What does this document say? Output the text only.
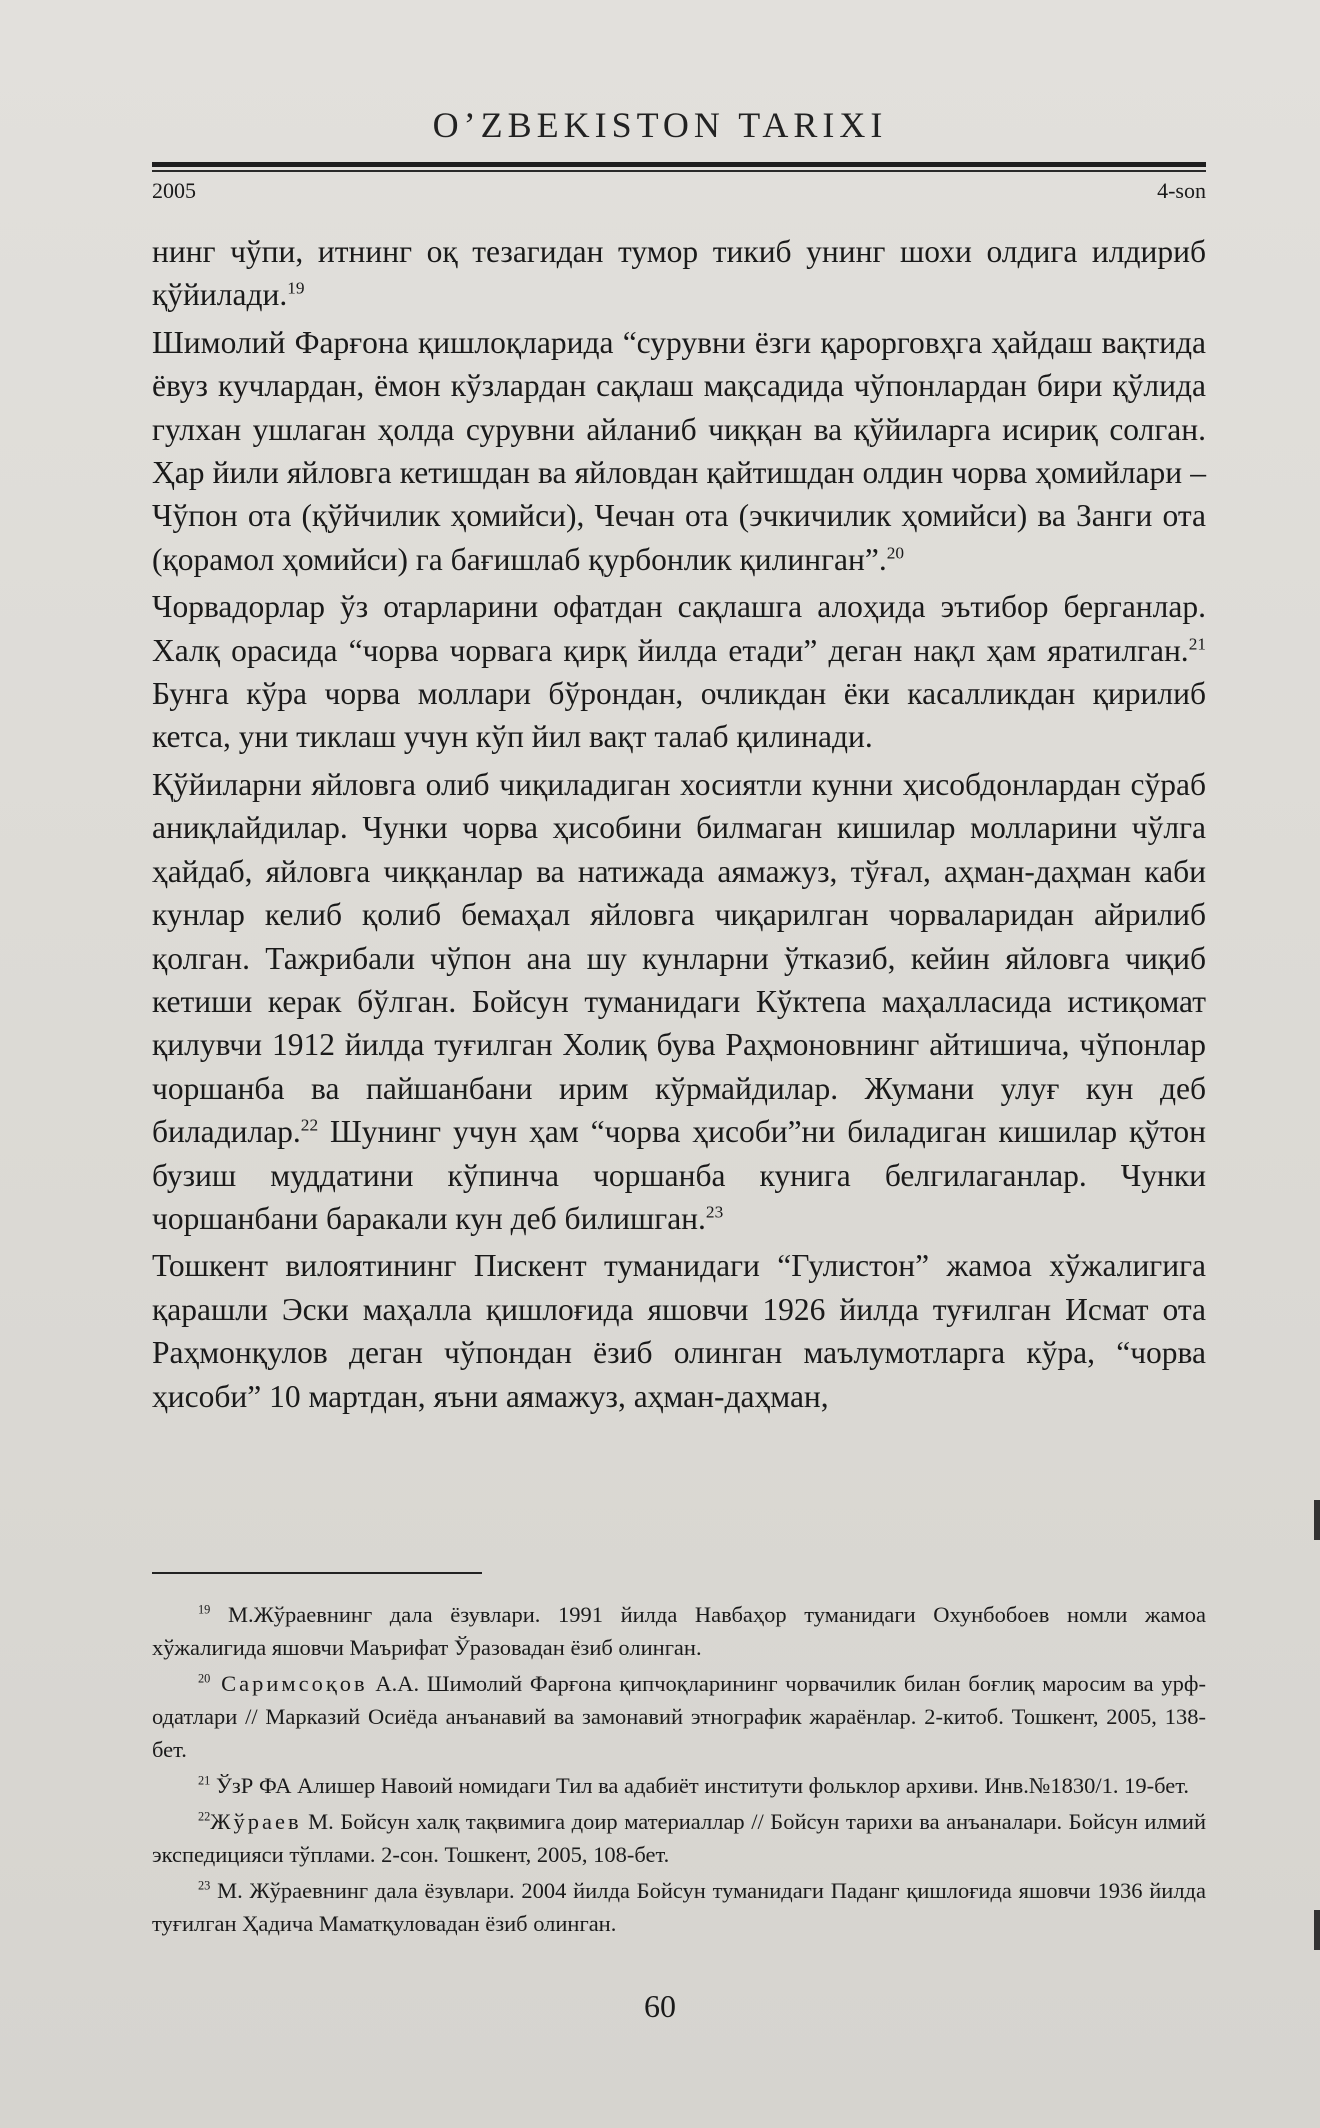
O’ZBEKISTON TARIXI
2005	4-son

нинг чўпи, итнинг оқ тезагидан тумор тикиб унинг шохи олдига илдириб қўйилади.$^{19}$

Шимолий Фарғона қишлоқларида “сурувни ёзги қарорговҳга ҳайдаш вақтида ёвуз кучлардан, ёмон кўзлардан сақлаш мақсадида чўпонлардан бири қўлида гулхан ушлаган ҳолда сурувни айланиб чиққан ва қўйиларга исириқ солган. Ҳар йили яйловга кетишдан ва яйловдан қайтишдан олдин чорва ҳомийлари – Чўпон ота (қўйчилик ҳомийси), Чечан ота (эчкичилик ҳомийси) ва Занги ота (қорамол ҳомийси) га бағишлаб қурбонлик қилинган”.$^{20}$

Чорвадорлар ўз отарларини офатдан сақлашга алоҳида эътибор берганлар. Халқ орасида “чорва чорвага қирқ йилда етади” деган нақл ҳам яратилган.$^{21}$ Бунга кўра чорва моллари бўрондан, очликдан ёки касалликдан қирилиб кетса, уни тиклаш учун кўп йил вақт талаб қилинади.

Қўйиларни яйловга олиб чиқиладиган хосиятли кунни ҳисобдонлардан сўраб аниқлайдилар. Чунки чорва ҳисобини билмаган кишилар молларини чўлга ҳайдаб, яйловга чиққанлар ва натижада аямажуз, тўғал, аҳман-даҳман каби кунлар келиб қолиб бемаҳал яйловга чиқарилган чорваларидан айрилиб қолган. Тажрибали чўпон ана шу кунларни ўтказиб, кейин яйловга чиқиб кетиши керак бўлган. Бойсун туманидаги Кўктепа маҳалласида истиқомат қилувчи 1912 йилда туғилган Холиқ бува Раҳмоновнинг айтишича, чўпонлар чоршанба ва пайшанбани ирим кўрмайдилар. Жумани улуғ кун деб биладилар.$^{22}$ Шунинг учун ҳам “чорва ҳисоби”ни биладиган кишилар қўтон бузиш муддатини кўпинча чоршанба кунига белгилаганлар. Чунки чоршанбани баракали кун деб билишган.$^{23}$

Тошкент вилоятининг Пискент туманидаги “Гулистон” жамоа хўжалигига қарашли Эски маҳалла қишлоғида яшовчи 1926 йилда туғилган Исмат ота Раҳмонқулов деган чўпондан ёзиб олинган маълумотларга кўра, “чорва ҳисоби” 10 мартдан, яъни аямажуз, аҳман-даҳман,

$^{19}$ М.Жўраевнинг дала ёзувлари. 1991 йилда Навбаҳор туманидаги Охунбобоев номли жамоа хўжалигида яшовчи Маърифат Ўразовадан ёзиб олинган.

$^{20}$ Саримсоқов А.А. Шимолий Фарғона қипчоқларининг чорвачилик билан боғлиқ маросим ва урф-одатлари // Марказий Осиёда анъанавий ва замонавий этнографик жараёнлар. 2-китоб. Тошкент, 2005, 138-бет.

$^{21}$ ЎзР ФА Алишер Навоий номидаги Тил ва адабиёт институти фольклор архиви. Инв.№1830/1. 19-бет.

$^{22}$Жўраев М. Бойсун халқ тақвимига доир материаллар // Бойсун тарихи ва анъаналари. Бойсун илмий экспедицияси тўплами. 2-сон. Тошкент, 2005, 108-бет.

$^{23}$ М. Жўраевнинг дала ёзувлари. 2004 йилда Бойсун туманидаги Паданг қишлоғида яшовчи 1936 йилда туғилган Ҳадича Маматқуловадан ёзиб олинган.

60
